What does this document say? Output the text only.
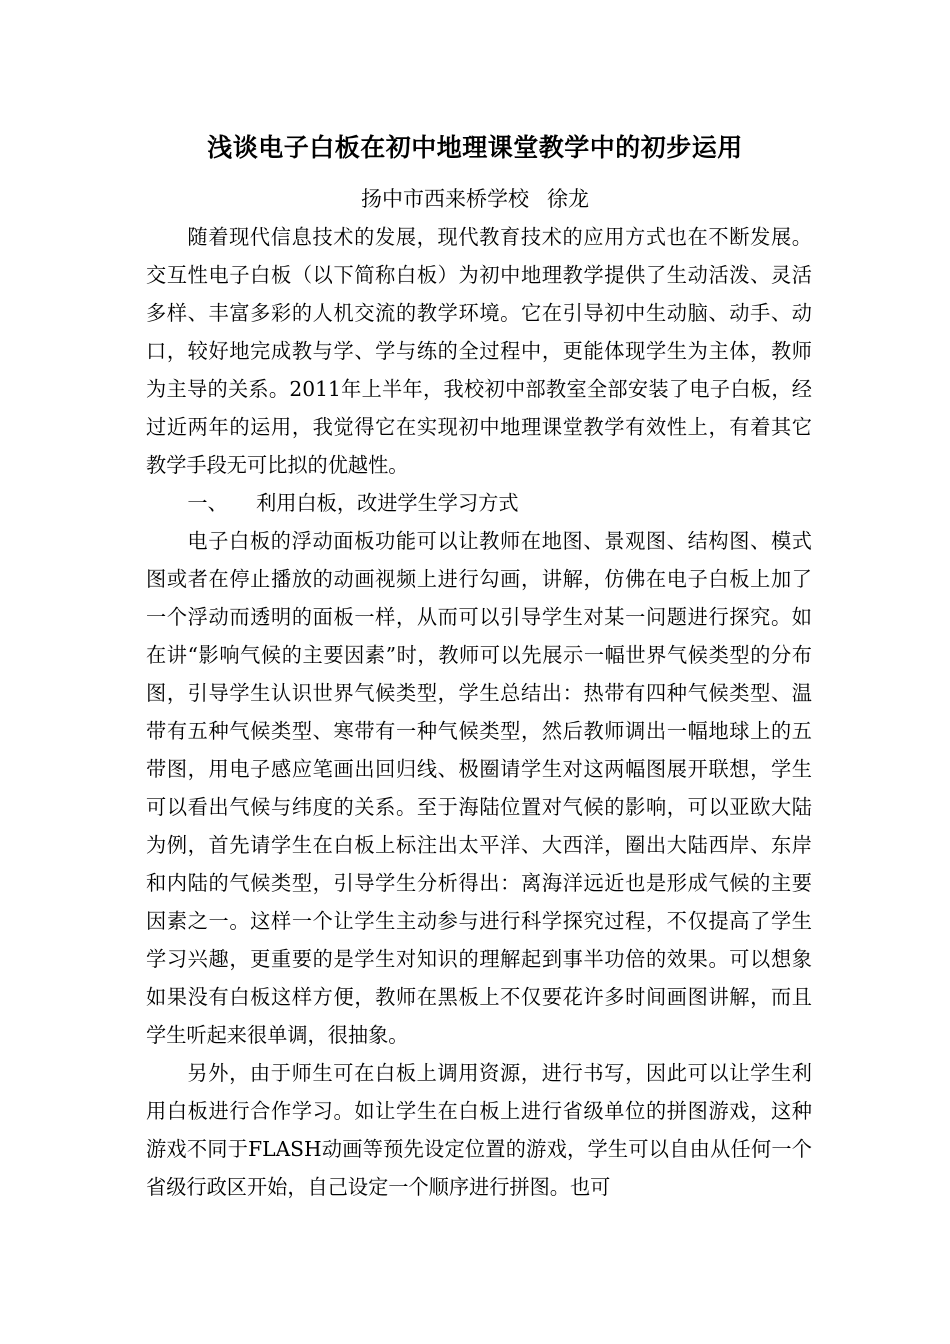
浅谈电子白板在初中地理课堂教学中的初步运用
扬中市西来桥学校 徐龙

随着现代信息技术的发展，现代教育技术的应用方式也在不断发展。交互性电子白板（以下简称白板）为初中地理教学提供了生动活泼、灵活多样、丰富多彩的人机交流的教学环境。它在引导初中生动脑、动手、动口，较好地完成教与学、学与练的全过程中，更能体现学生为主体，教师为主导的关系。2011年上半年，我校初中部教室全部安装了电子白板，经过近两年的运用，我觉得它在实现初中地理课堂教学有效性上，有着其它教学手段无可比拟的优越性。

一、 利用白板，改进学生学习方式

电子白板的浮动面板功能可以让教师在地图、景观图、结构图、模式图或者在停止播放的动画视频上进行勾画，讲解，仿佛在电子白板上加了一个浮动而透明的面板一样，从而可以引导学生对某一问题进行探究。如在讲“影响气候的主要因素”时，教师可以先展示一幅世界气候类型的分布图，引导学生认识世界气候类型，学生总结出：热带有四种气候类型、温带有五种气候类型、寒带有一种气候类型，然后教师调出一幅地球上的五带图，用电子感应笔画出回归线、极圈请学生对这两幅图展开联想，学生可以看出气候与纬度的关系。至于海陆位置对气候的影响，可以亚欧大陆为例，首先请学生在白板上标注出太平洋、大西洋，圈出大陆西岸、东岸和内陆的气候类型，引导学生分析得出：离海洋远近也是形成气候的主要因素之一。这样一个让学生主动参与进行科学探究过程，不仅提高了学生学习兴趣，更重要的是学生对知识的理解起到事半功倍的效果。可以想象如果没有白板这样方便，教师在黑板上不仅要花许多时间画图讲解，而且学生听起来很单调，很抽象。

另外，由于师生可在白板上调用资源，进行书写，因此可以让学生利用白板进行合作学习。如让学生在白板上进行省级单位的拼图游戏，这种游戏不同于FLASH动画等预先设定位置的游戏，学生可以自由从任何一个省级行政区开始，自己设定一个顺序进行拼图。也可
